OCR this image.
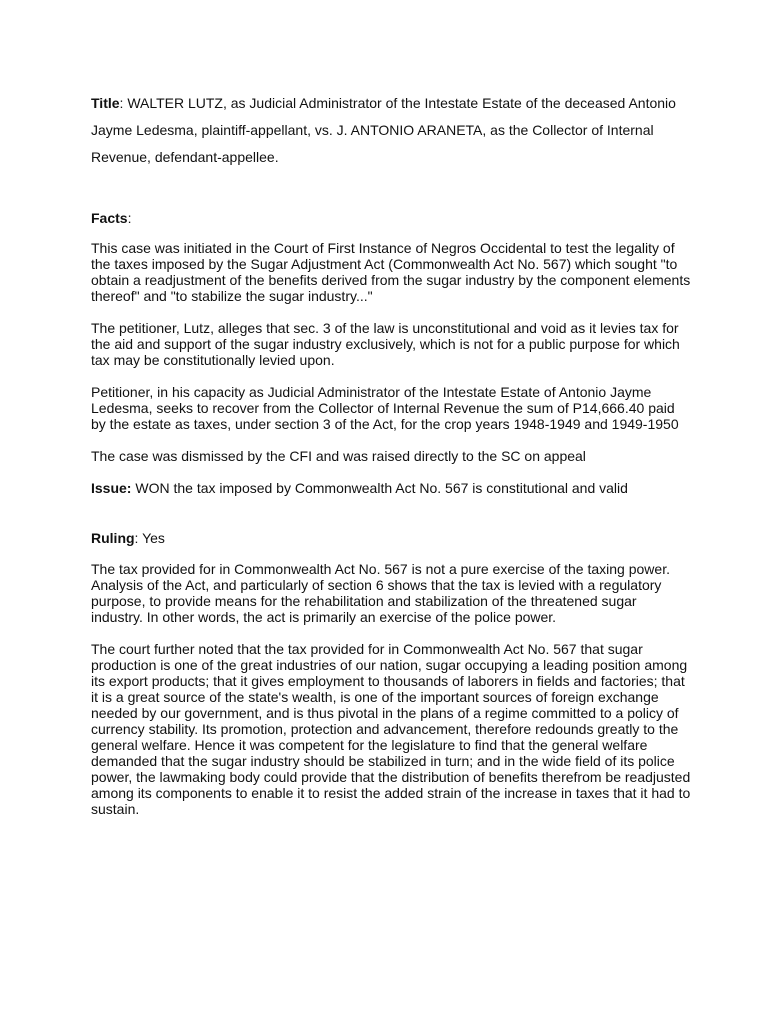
Title: WALTER LUTZ, as Judicial Administrator of the Intestate Estate of the deceased Antonio Jayme Ledesma, plaintiff-appellant, vs. J. ANTONIO ARANETA, as the Collector of Internal Revenue, defendant-appellee.

Facts:

This case was initiated in the Court of First Instance of Negros Occidental to test the legality of the taxes imposed by the Sugar Adjustment Act (Commonwealth Act No. 567) which sought "to obtain a readjustment of the benefits derived from the sugar industry by the component elements thereof" and "to stabilize the sugar industry..."

The petitioner, Lutz, alleges that sec. 3 of the law is unconstitutional and void as it levies tax for the aid and support of the sugar industry exclusively, which is not for a public purpose for which tax may be constitutionally levied upon.

Petitioner, in his capacity as Judicial Administrator of the Intestate Estate of Antonio Jayme Ledesma, seeks to recover from the Collector of Internal Revenue the sum of P14,666.40 paid by the estate as taxes, under section 3 of the Act, for the crop years 1948-1949 and 1949-1950

The case was dismissed by the CFI and was raised directly to the SC on appeal

Issue: WON the tax imposed by Commonwealth Act No. 567 is constitutional and valid

Ruling: Yes

The tax provided for in Commonwealth Act No. 567 is not a pure exercise of the taxing power. Analysis of the Act, and particularly of section 6 shows that the tax is levied with a regulatory purpose, to provide means for the rehabilitation and stabilization of the threatened sugar industry. In other words, the act is primarily an exercise of the police power.

The court further noted that the tax provided for in Commonwealth Act No. 567 that sugar production is one of the great industries of our nation, sugar occupying a leading position among its export products; that it gives employment to thousands of laborers in fields and factories; that it is a great source of the state's wealth, is one of the important sources of foreign exchange needed by our government, and is thus pivotal in the plans of a regime committed to a policy of currency stability. Its promotion, protection and advancement, therefore redounds greatly to the general welfare. Hence it was competent for the legislature to find that the general welfare demanded that the sugar industry should be stabilized in turn; and in the wide field of its police power, the lawmaking body could provide that the distribution of benefits therefrom be readjusted among its components to enable it to resist the added strain of the increase in taxes that it had to sustain.
